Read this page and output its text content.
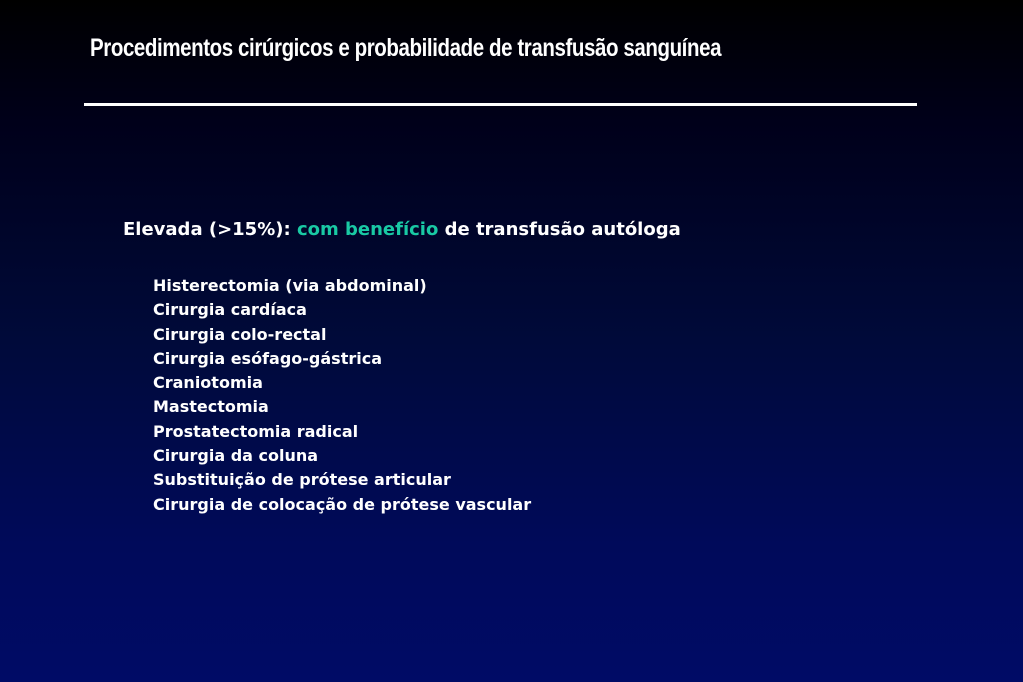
Procedimentos cirúrgicos e probabilidade de transfusão sanguínea
Elevada (>15%): com benefício de transfusão autóloga
Histerectomia (via abdominal)
Cirurgia cardíaca
Cirurgia colo-rectal
Cirurgia esófago-gástrica
Craniotomia
Mastectomia
Prostatectomia radical
Cirurgia da coluna
Substituição de prótese articular
Cirurgia de colocação de prótese vascular
